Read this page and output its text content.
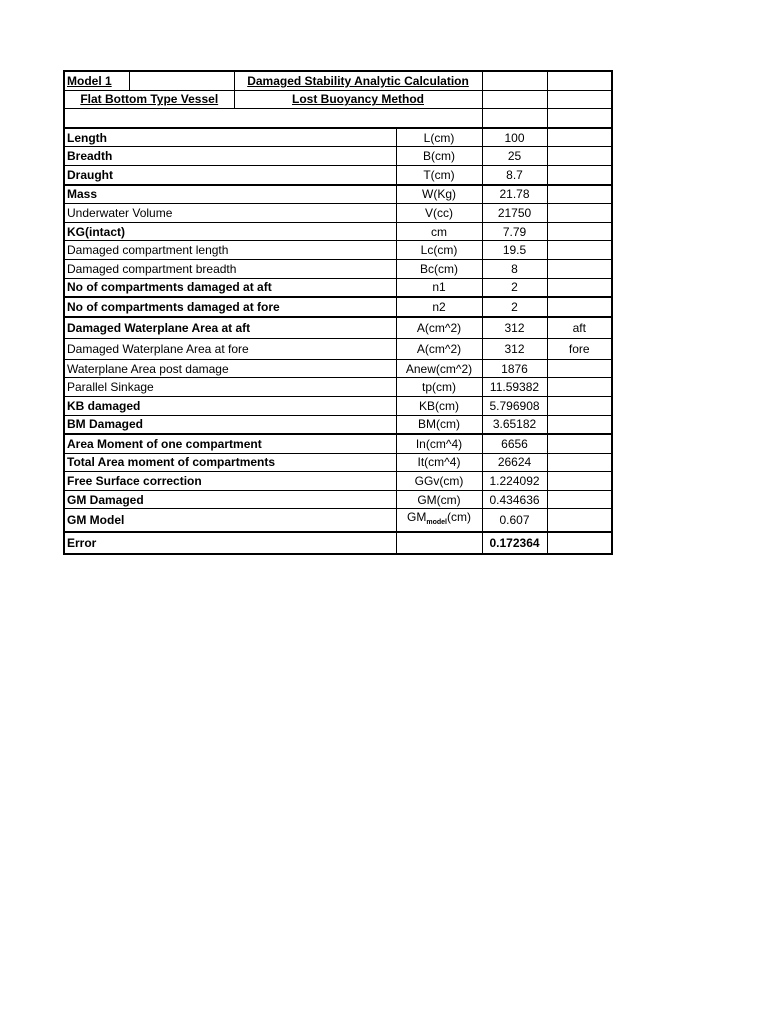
Model 1		Damaged Stability Analytic Calculation			
Flat Bottom Type Vessel		Lost Buoyancy Method			

Length			L(cm)	100	
Breadth			B(cm)	25	
Draught			T(cm)	8.7	
Mass			W(Kg)	21.78	
Underwater Volume			V(cc)	21750	
KG(intact)			cm	7.79	
Damaged compartment length			Lc(cm)	19.5	
Damaged compartment breadth			Bc(cm)	8	
No of compartments damaged at aft			n1	2	
No of compartments damaged at fore			n2	2	
Damaged Waterplane Area at aft			A(cm^2)	312	aft
Damaged Waterplane Area at fore			A(cm^2)	312	fore
Waterplane Area post damage			Anew(cm^2)	1876	
Parallel Sinkage			tp(cm)	11.59382	
KB damaged			KB(cm)	5.796908	
BM Damaged			BM(cm)	3.65182	
Area Moment of one compartment			In(cm^4)	6656	
Total Area moment of compartments			It(cm^4)	26624	
Free Surface correction			GGv(cm)	1.224092	
GM Damaged			GM(cm)	0.434636	
GM Model			$GM_{model}(cm)$	0.607	
Error				0.172364	
